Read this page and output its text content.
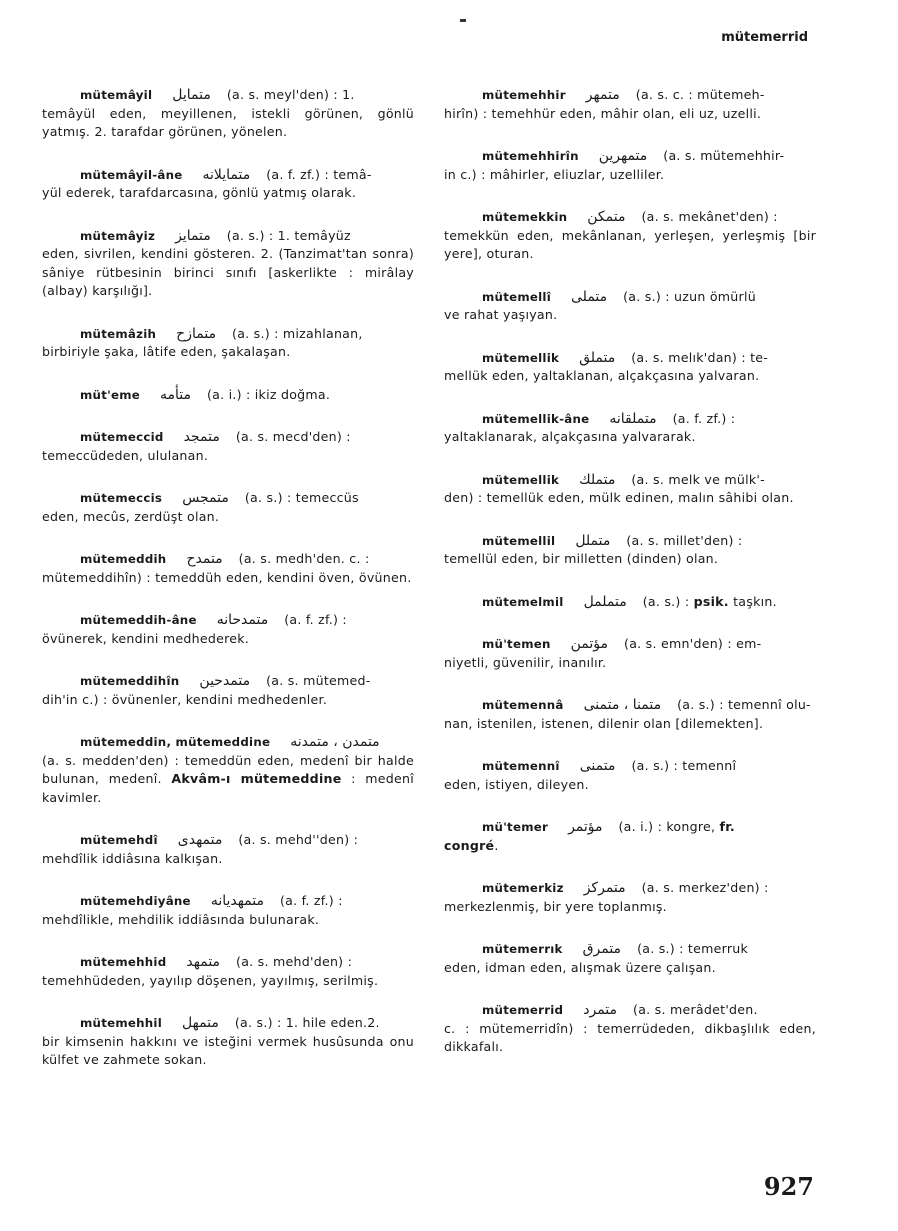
mütemerrid
mütemâyil	متمایل	(a. s. meyl'den) : 1.
temâyül eden, meyillenen, istekli görünen, gönlü yatmış. 2. tarafdar görünen, yönelen.
mütemâyil-âne	متمایلانه	(a. f. zf.) : temâ-
yül ederek, tarafdarcasına, gönlü yatmış olarak.
mütemâyiz	متمایز	(a. s.) : 1. temâyüz
eden, sivrilen, kendini gösteren. 2. (Tanzimat'tan sonra) sâniye rütbesinin birinci sınıfı [askerlikte : mirâlay (albay) karşılığı].
mütemâzih	متمازح	(a. s.) : mizahlanan,
birbiriyle şaka, lâtife eden, şakalaşan.
müt'eme	متأمه	(a. i.) : ikiz doğma.
mütemeccid	متمجد	(a. s. mecd'den) :
temeccüdeden, ululanan.
mütemeccis	متمجس	(a. s.) : temeccüs
eden, mecûs, zerdüşt olan.
mütemeddih	متمدح	(a. s. medh'den. c. :
mütemeddihîn) : temeddüh eden, kendini öven, övünen.
mütemeddih-âne	متمدحانه	(a. f. zf.) :
övünerek, kendini medhederek.
mütemeddihîn	متمدحين	(a. s. mütemed-
dih'in c.) : övünenler, kendini medhedenler.
mütemeddin, mütemeddine	متمدن ، متمدنه
(a. s. medden'den) : temeddün eden, medenî bir halde bulunan, medenî. Akvâm-ı mütemeddine : medenî kavimler.
mütemehdî	متمهدى	(a. s. mehd''den) :
mehdîlik iddiâsına kalkışan.
mütemehdiyâne	متمهديانه	(a. f. zf.) :
mehdîlikle, mehdilik iddiâsında bulunarak.
mütemehhid	متمهد	(a. s. mehd'den) :
temehhüdeden, yayılıp döşenen, yayılmış, serilmiş.
mütemehhil	متمهل	(a. s.) : 1. hile eden.2.
bir kimsenin hakkını ve isteğini vermek husûsunda onu külfet ve zahmete sokan.
mütemehhir	متمهر	(a. s. c. : mütemeh-
hirîn) : temehhür eden, mâhir olan, eli uz, uzelli.
mütemehhirîn	متمهرين	(a. s. mütemehhir-
in c.) : mâhirler, eliuzlar, uzelliler.
mütemekkin	متمكن	(a. s. mekânet'den) :
temekkün eden, mekânlanan, yerleşen, yerleşmiş [bir yere], oturan.
mütemellî	متملى	(a. s.) : uzun ömürlü
ve rahat yaşıyan.
mütemellik	متملق	(a. s. melık'dan) : te-
mellük eden, yaltaklanan, alçakçasına yalvaran.
mütemellik-âne	متملقانه	(a. f. zf.) :
yaltaklanarak, alçakçasına yalvararak.
mütemellik	متملك	(a. s. melk ve mülk'-
den) : temellük eden, mülk edinen, malın sâhibi olan.
mütemellil	متملل	(a. s. millet'den) :
temellül eden, bir milletten (dinden) olan.
mütemelmil	متململ	(a. s.) : psik. taşkın.
mü'temen	مؤتمن	(a. s. emn'den) : em-
niyetli, güvenilir, inanılır.
mütemennâ	متمنا ، متمنى	(a. s.) : temennî olu-
nan, istenilen, istenen, dilenir olan [dilemekten].
mütemennî	متمنى	(a. s.) : temennî
eden, istiyen, dileyen.
mü'temer	مؤتمر	(a. i.) : kongre, fr.
congré.
mütemerkiz	متمركز	(a. s. merkez'den) :
merkezlenmiş, bir yere toplanmış.
mütemerrık	متمرق	(a. s.) : temerruk
eden, idman eden, alışmak üzere çalışan.
mütemerrid	متمرد	(a. s. merâdet'den.
c. : mütemerridîn) : temerrüdeden, dikbaşlılık eden, dikkafalı.
927
